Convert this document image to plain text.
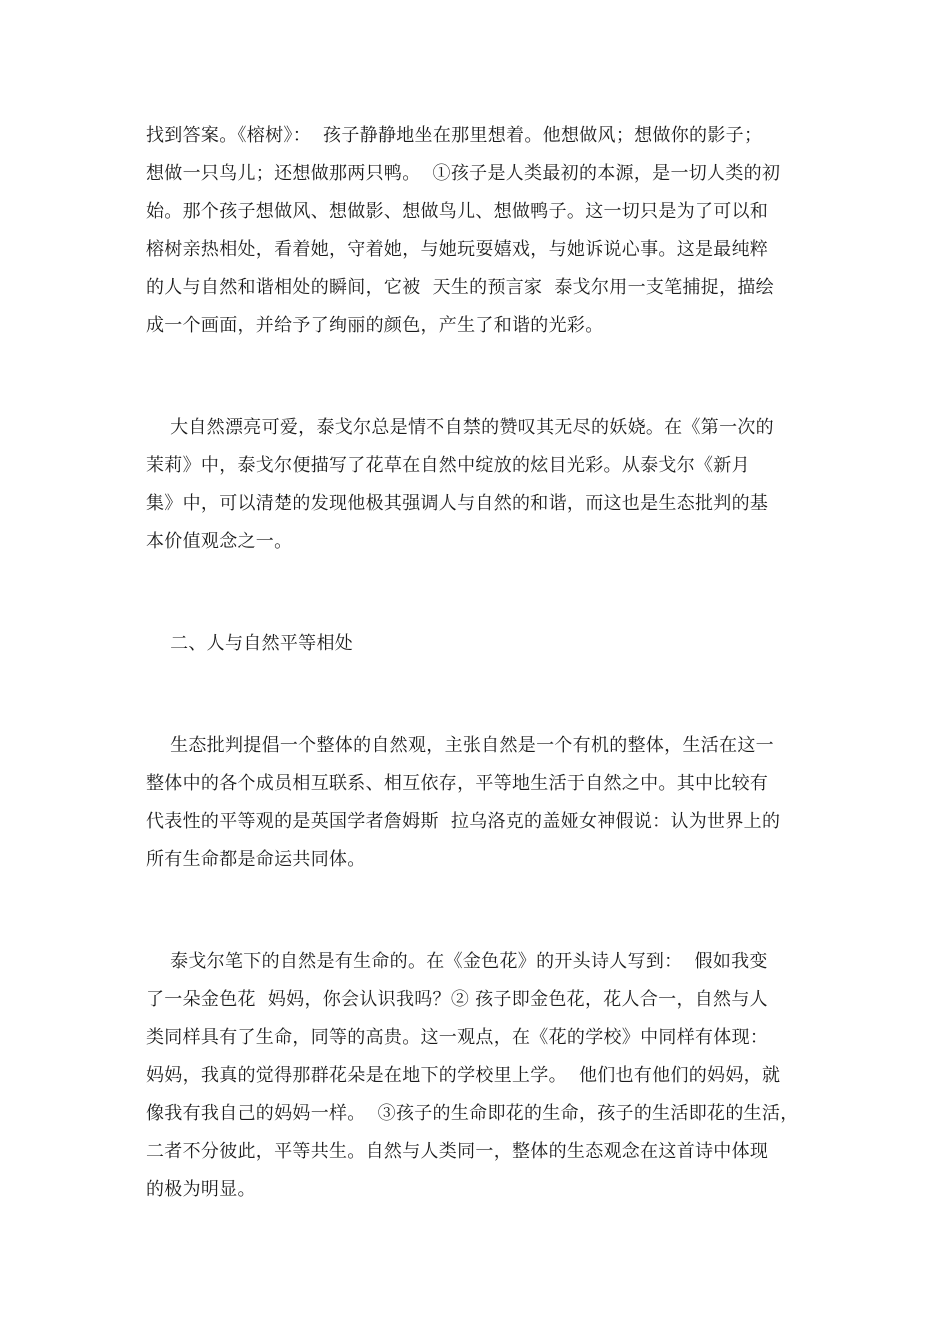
找到答案。《榕树》：  孩子静静地坐在那里想着。他想做风；想做你的影子；
想做一只鸟儿；还想做那两只鸭。  ①孩子是人类最初的本源，是一切人类的初
始。那个孩子想做风、想做影、想做鸟儿、想做鸭子。这一切只是为了可以和
榕树亲热相处，看着她，守着她，与她玩耍嬉戏，与她诉说心事。这是最纯粹
的人与自然和谐相处的瞬间，它被  天生的预言家  泰戈尔用一支笔捕捉，描绘
成一个画面，并给予了绚丽的颜色，产生了和谐的光彩。
大自然漂亮可爱，泰戈尔总是情不自禁的赞叹其无尽的妖娆。在《第一次的
茉莉》中，泰戈尔便描写了花草在自然中绽放的炫目光彩。从泰戈尔《新月
集》中，可以清楚的发现他极其强调人与自然的和谐，而这也是生态批判的基
本价值观念之一。
二、人与自然平等相处
生态批判提倡一个整体的自然观，主张自然是一个有机的整体，生活在这一
整体中的各个成员相互联系、相互依存，平等地生活于自然之中。其中比较有
代表性的平等观的是英国学者詹姆斯  拉乌洛克的盖娅女神假说：认为世界上的
所有生命都是命运共同体。
泰戈尔笔下的自然是有生命的。在《金色花》的开头诗人写到：  假如我变
了一朵金色花  妈妈，你会认识我吗？② 孩子即金色花，花人合一，自然与人
类同样具有了生命，同等的高贵。这一观点，在《花的学校》中同样有体现：
妈妈，我真的觉得那群花朵是在地下的学校里上学。  他们也有他们的妈妈，就
像我有我自己的妈妈一样。  ③孩子的生命即花的生命，孩子的生活即花的生活，
二者不分彼此，平等共生。自然与人类同一，整体的生态观念在这首诗中体现
的极为明显。
